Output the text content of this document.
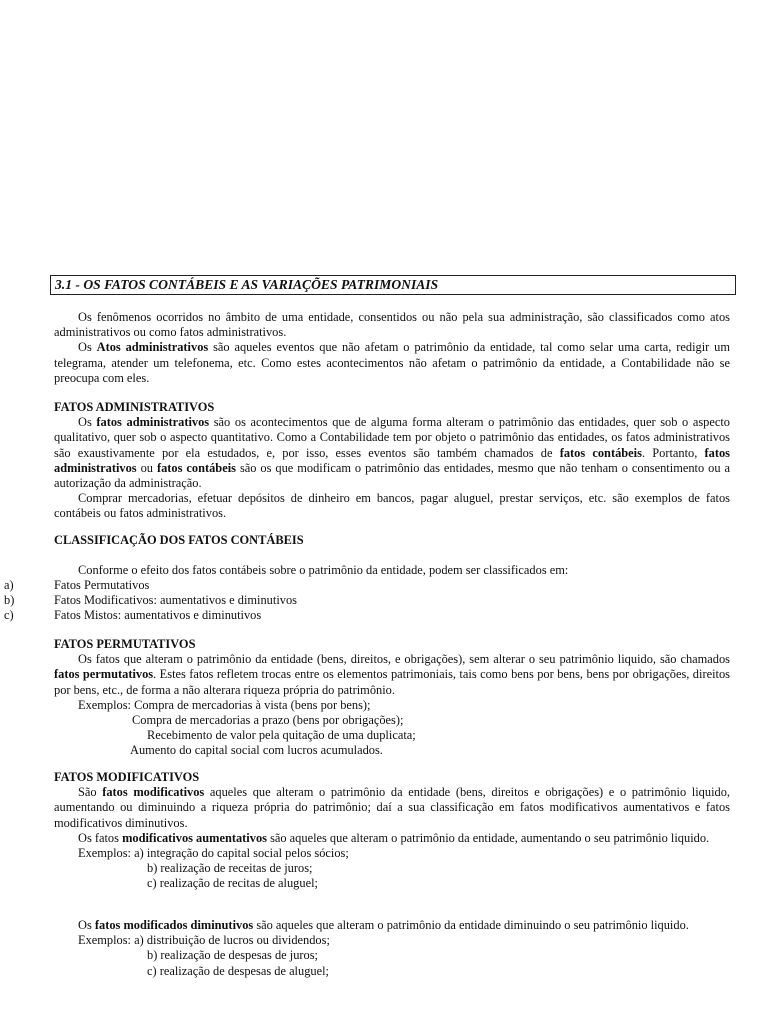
3.1 - OS FATOS CONTÁBEIS E AS VARIAÇÕES PATRIMONIAIS

Os fenômenos ocorridos no âmbito de uma entidade, consentidos ou não pela sua administração, são classificados como atos administrativos ou como fatos administrativos.

Os Atos administrativos são aqueles eventos que não afetam o patrimônio da entidade, tal como selar uma carta, redigir um telegrama, atender um telefonema, etc. Como estes acontecimentos não afetam o patrimônio da entidade, a Contabilidade não se preocupa com eles.

FATOS ADMINISTRATIVOS

Os fatos administrativos são os acontecimentos que de alguma forma alteram o patrimônio das entidades, quer sob o aspecto qualitativo, quer sob o aspecto quantitativo. Como a Contabilidade tem por objeto o patrimônio das entidades, os fatos administrativos são exaustivamente por ela estudados, e, por isso, esses eventos são também chamados de fatos contábeis. Portanto, fatos administrativos ou fatos contábeis são os que modificam o patrimônio das entidades, mesmo que não tenham o consentimento ou a autorização da administração.

Comprar mercadorias, efetuar depósitos de dinheiro em bancos, pagar aluguel, prestar serviços, etc. são exemplos de fatos contábeis ou fatos administrativos.

CLASSIFICAÇÃO DOS FATOS CONTÁBEIS

Conforme o efeito dos fatos contábeis sobre o patrimônio da entidade, podem ser classificados em:

a)	Fatos Permutativos
b)	Fatos Modificativos: aumentativos e diminutivos
c)	Fatos Mistos: aumentativos e diminutivos
FATOS PERMUTATIVOS

Os fatos que alteram o patrimônio da entidade (bens, direitos, e obrigações), sem alterar o seu patrimônio liquido, são chamados fatos permutativos. Estes fatos refletem trocas entre os elementos patrimoniais, tais como bens por bens, bens por obrigações, direitos por bens, etc., de forma a não alterara riqueza própria do patrimônio.

Exemplos: Compra de mercadorias à vista (bens por bens);
Compra de mercadorias a prazo (bens por obrigações);
Recebimento de valor pela quitação de uma duplicata;
Aumento do capital social com lucros acumulados.
FATOS MODIFICATIVOS

São fatos modificativos aqueles que alteram o patrimônio da entidade (bens, direitos e obrigações) e o patrimônio liquido, aumentando ou diminuindo a riqueza própria do patrimônio; daí a sua classificação em fatos modificativos aumentativos e fatos modificativos diminutivos.

Os fatos modificativos aumentativos são aqueles que alteram o patrimônio da entidade, aumentando o seu patrimônio liquido.

Exemplos: a) integração do capital social pelos sócios;
b) realização de receitas de juros;
c) realização de recitas de aluguel;

Os fatos modificados diminutivos são aqueles que alteram o patrimônio da entidade diminuindo o seu patrimônio liquido.

Exemplos: a) distribuição de lucros ou dividendos;
b) realização de despesas de juros;
c) realização de despesas de aluguel;
